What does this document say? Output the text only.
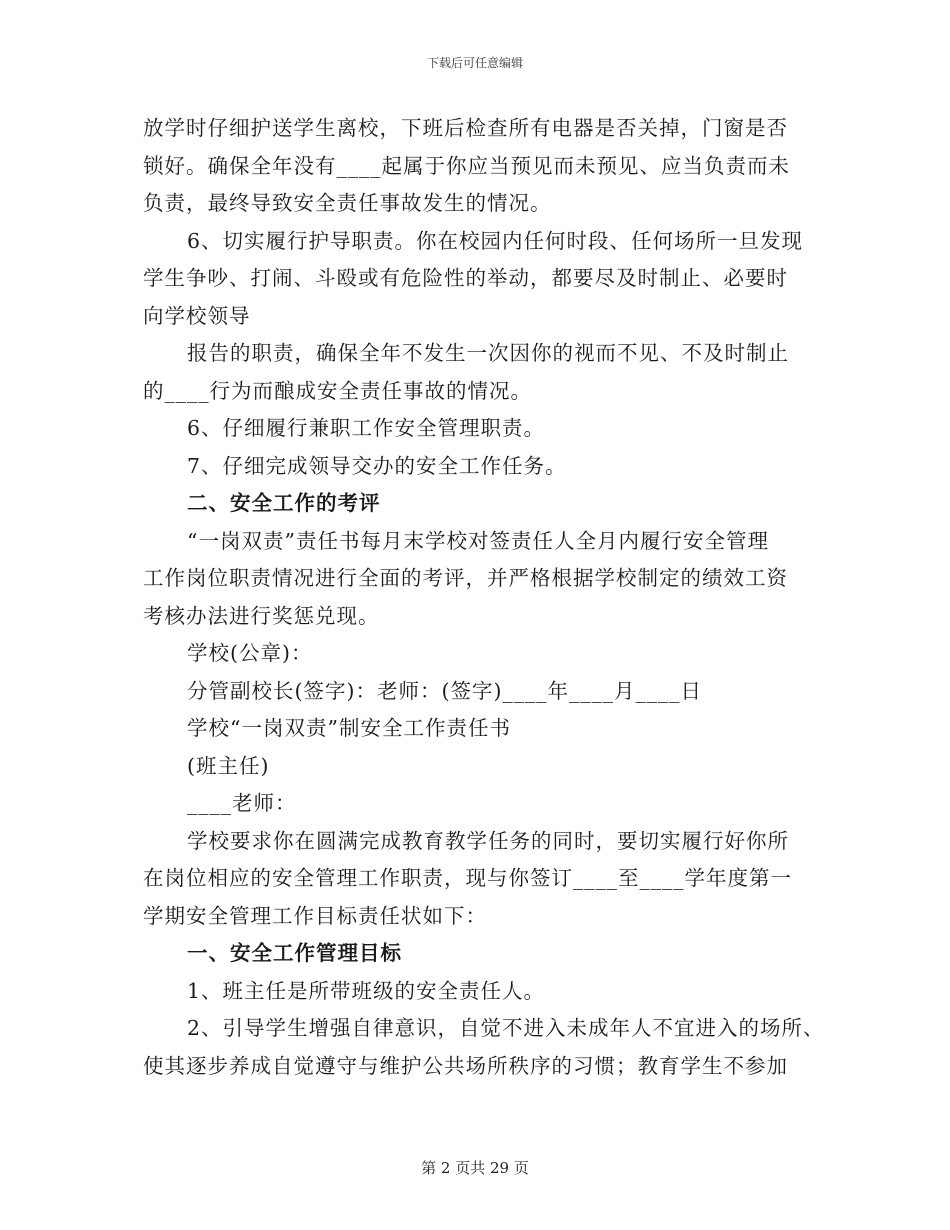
下载后可任意编辑
放学时仔细护送学生离校，下班后检查所有电器是否关掉，门窗是否
锁好。确保全年没有____起属于你应当预见而未预见、应当负责而未
负责，最终导致安全责任事故发生的情况。
6、切实履行护导职责。你在校园内任何时段、任何场所一旦发现
学生争吵、打闹、斗殴或有危险性的举动，都要尽及时制止、必要时
向学校领导
报告的职责，确保全年不发生一次因你的视而不见、不及时制止
的____行为而酿成安全责任事故的情况。
6、仔细履行兼职工作安全管理职责。
7、仔细完成领导交办的安全工作任务。
二、安全工作的考评
“一岗双责”责任书每月末学校对签责任人全月内履行安全管理
工作岗位职责情况进行全面的考评，并严格根据学校制定的绩效工资
考核办法进行奖惩兑现。
学校(公章)：
分管副校长(签字)：老师：(签字)____年____月____日
学校“一岗双责”制安全工作责任书
(班主任)
____老师：
学校要求你在圆满完成教育教学任务的同时，要切实履行好你所
在岗位相应的安全管理工作职责，现与你签订____至____学年度第一
学期安全管理工作目标责任状如下：
一、安全工作管理目标
1、班主任是所带班级的安全责任人。
2、引导学生增强自律意识，自觉不进入未成年人不宜进入的场所、
使其逐步养成自觉遵守与维护公共场所秩序的习惯；教育学生不参加
第 2 页共 29 页
